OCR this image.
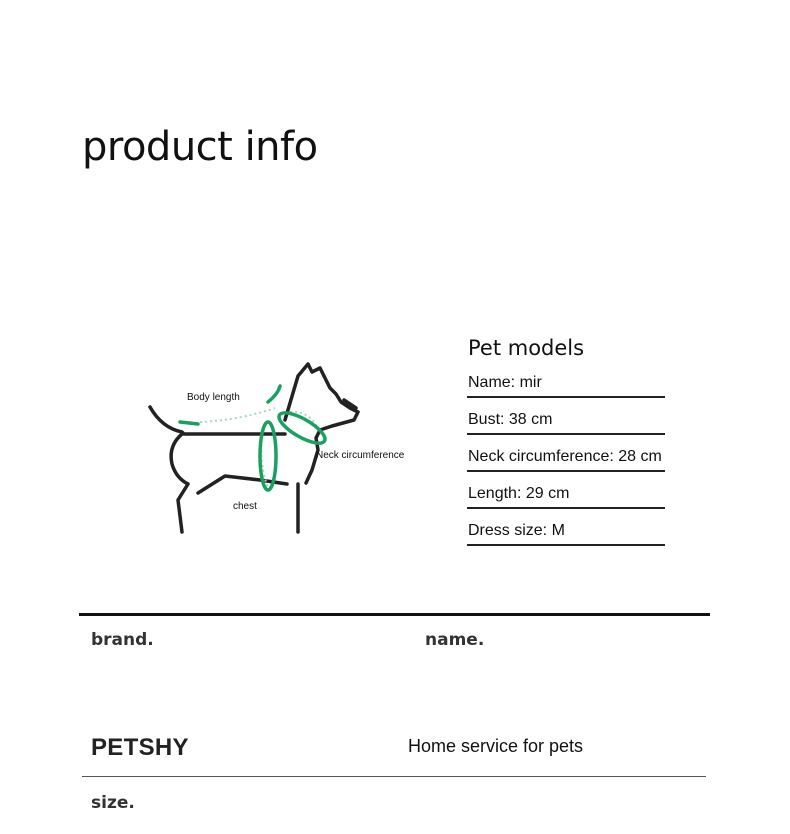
product info
Body length
Neck circumference
chest
Pet models
Name: mir
Bust: 38 cm
Neck circumference: 28 cm
Length: 29 cm
Dress size: M
brand.	name.
PETSHY	Home service for pets
size.
